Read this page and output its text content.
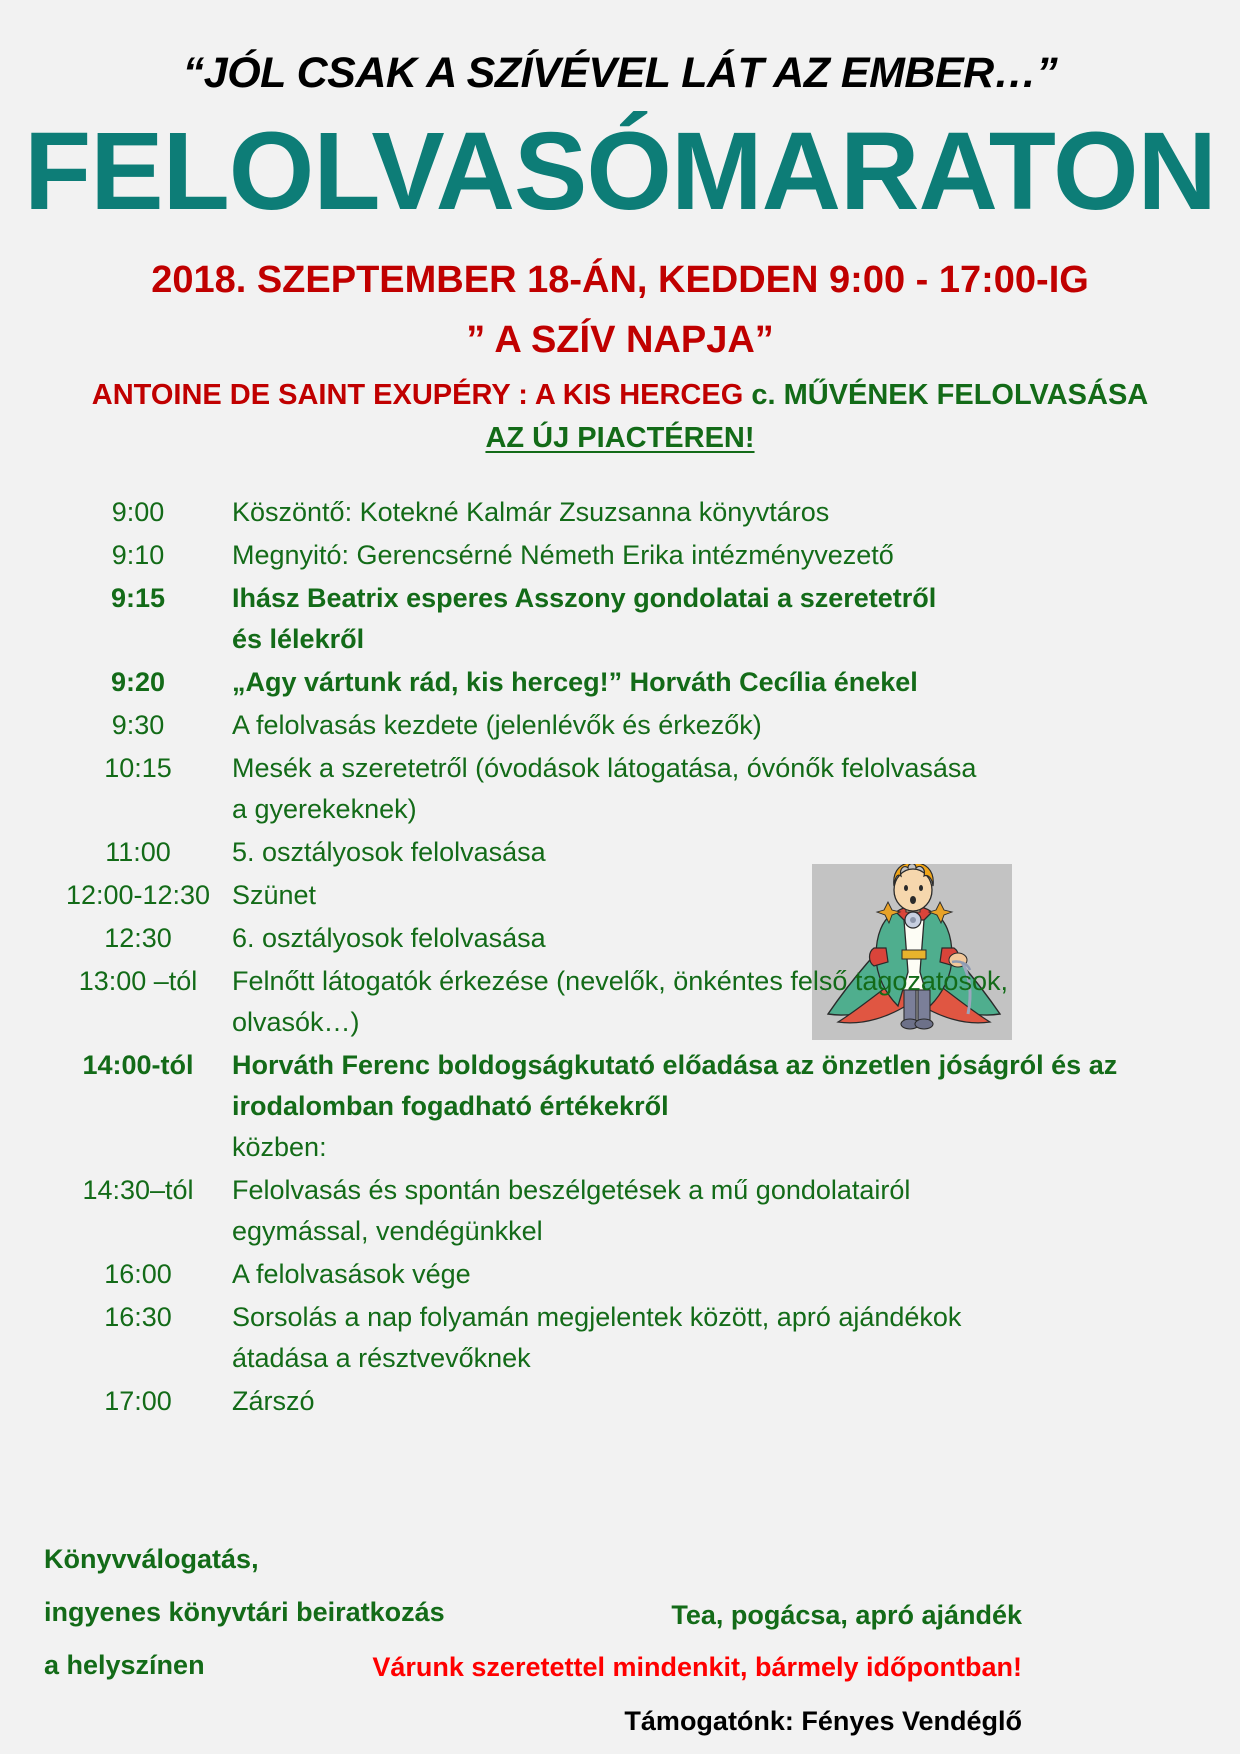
“JÓL CSAK A SZÍVÉVEL LÁT AZ EMBER…”
FELOLVASÓMARATON
2018. SZEPTEMBER 18-ÁN, KEDDEN 9:00 - 17:00-IG
” A SZÍV NAPJA”
ANTOINE DE SAINT EXUPÉRY : A KIS HERCEG c. MŰVÉNEK FELOLVASÁSA
AZ ÚJ PIACTÉREN!
9:00	Köszöntő: Kotekné Kalmár Zsuzsanna könyvtáros
9:10	Megnyitó: Gerencsérné Németh Erika intézményvezető
9:15	Ihász Beatrix esperes Asszony gondolatai a szeretetről
és lélekről
9:20	„Agy vártunk rád, kis herceg!” Horváth Cecília énekel
9:30	A felolvasás kezdete (jelenlévők és érkezők)
10:15	Mesék a szeretetről (óvodások látogatása, óvónők felolvasása
a gyerekeknek)
11:00	5. osztályosok felolvasása
12:00-12:30 Szünet
12:30	6. osztályosok felolvasása
13:00 –tól	Felnőtt látogatók érkezése (nevelők, önkéntes felső tagozatosok,
olvasók…)
14:00-tól	Horváth Ferenc boldogságkutató előadása az önzetlen jóságról és az
irodalomban fogadható értékekről
közben:
14:30–tól	Felolvasás és spontán beszélgetések a mű gondolatairól
egymással, vendégünkkel
16:00	A felolvasások vége
16:30	Sorsolás a nap folyamán megjelentek között, apró ajándékok
átadása a résztvevőknek
17:00	Zárszó
Könyvválogatás,
ingyenes könyvtári beiratkozás
a helyszínen
Tea, pogácsa, apró ajándék
Várunk szeretettel mindenkit, bármely időpontban!
Támogatónk: Fényes Vendéglő
